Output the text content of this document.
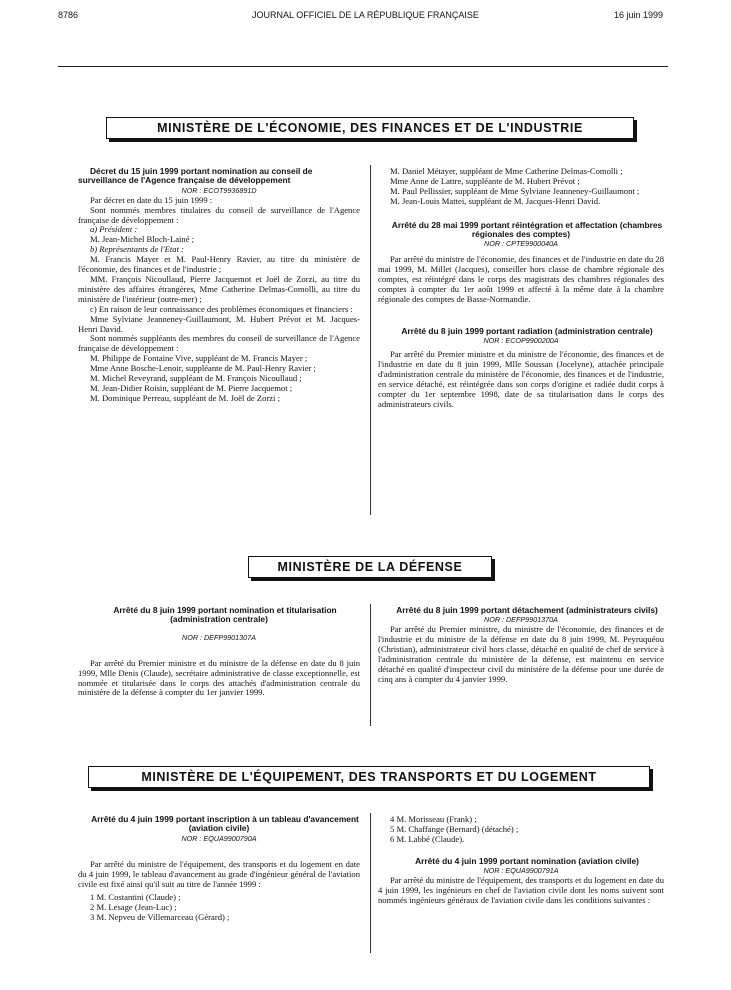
8786	JOURNAL OFFICIEL DE LA RÉPUBLIQUE FRANÇAISE	16 juin 1999
MINISTÈRE DE L'ÉCONOMIE, DES FINANCES ET DE L'INDUSTRIE

Décret du 15 juin 1999 portant nomination au conseil de surveillance de l'Agence française de développement

NOR : ECOT9936891D

Par décret en date du 15 juin 1999 :

Sont nommés membres titulaires du conseil de surveillance de l'Agence française de développement :

a) Président :

M. Jean-Michel Bloch-Lainé ;

b) Représentants de l'Etat :

M. Francis Mayer et M. Paul-Henry Ravier, au titre du ministère de l'économie, des finances et de l'industrie ;

MM. François Nicoullaud, Pierre Jacquemot et Joël de Zorzi, au titre du ministère des affaires étrangères, Mme Catherine Delmas-Comolli, au titre du ministère de l'intérieur (outre-mer) ;

c) En raison de leur connaissance des problèmes économiques et financiers :

Mme Sylviane Jeanneney-Guillaumont, M. Hubert Prévot et M. Jacques-Henri David.

Sont nommés suppléants des membres du conseil de surveillance de l'Agence française de développement :

M. Philippe de Fontaine Vive, suppléant de M. Francis Mayer ;

Mme Anne Bosche-Lenoir, suppléante de M. Paul-Henry Ravier ;

M. Michel Reveyrand, suppléant de M. François Nicoullaud ;

M. Jean-Didier Roisin, suppléant de M. Pierre Jacquemot ;

M. Dominique Perreau, suppléant de M. Joël de Zorzi ;

M. Daniel Métayer, suppléant de Mme Catherine Delmas-Comolli ;

Mme Anne de Lattre, suppléante de M. Hubert Prévot ;

M. Paul Pellissier, suppléant de Mme Sylviane Jeanneney-Guillaumont ;

M. Jean-Louis Mattei, suppléant de M. Jacques-Henri David.

Arrêté du 28 mai 1999 portant réintégration et affectation (chambres régionales des comptes)

NOR : CPTE9900040A

Par arrêté du ministre de l'économie, des finances et de l'industrie en date du 28 mai 1999, M. Millet (Jacques), conseiller hors classe de chambre régionale des comptes, est réintégré dans le corps des magistrats des chambres régionales des comptes à compter du 1er août 1999 et affecté à la même date à la chambre régionale des comptes de Basse-Normandie.

Arrêté du 8 juin 1999 portant radiation (administration centrale)

NOR : ECOP9900200A

Par arrêté du Premier ministre et du ministre de l'économie, des finances et de l'industrie en date du 8 juin 1999, Mlle Soussan (Jocelyne), attachée principale d'administration centrale du ministère de l'économie, des finances et de l'industrie, en service détaché, est réintégrée dans son corps d'origine et radiée dudit corps à compter du 1er septembre 1998, date de sa titularisation dans le corps des administrateurs civils.

MINISTÈRE DE LA DÉFENSE

Arrêté du 8 juin 1999 portant nomination et titularisation (administration centrale)

NOR : DEFP9901307A

Par arrêté du Premier ministre et du ministre de la défense en date du 8 juin 1999, Mlle Denis (Claude), secrétaire administrative de classe exceptionnelle, est nommée et titularisée dans le corps des attachés d'administration centrale du ministère de la défense à compter du 1er janvier 1999.

Arrêté du 8 juin 1999 portant détachement (administrateurs civils)

NOR : DEFP9901370A

Par arrêté du Premier ministre, du ministre de l'économie, des finances et de l'industrie et du ministre de la défense en date du 8 juin 1999, M. Peyruquéou (Christian), administrateur civil hors classe, détaché en qualité de chef de service à l'administration centrale du ministère de la défense, est maintenu en service détaché en qualité d'inspecteur civil du ministère de la défense pour une durée de cinq ans à compter du 4 janvier 1999.

MINISTÈRE DE L'ÉQUIPEMENT, DES TRANSPORTS ET DU LOGEMENT

Arrêté du 4 juin 1999 portant inscription à un tableau d'avancement (aviation civile)

NOR : EQUA9900790A

Par arrêté du ministre de l'équipement, des transports et du logement en date du 4 juin 1999, le tableau d'avancement au grade d'ingénieur général de l'aviation civile est fixé ainsi qu'il suit au titre de l'année 1999 :

1 M. Costantini (Claude) ;

2 M. Lesage (Jean-Luc) ;

3 M. Nepveu de Villemarceau (Gérard) ;

4 M. Morisseau (Frank) ;

5 M. Chaffange (Bernard) (détaché) ;

6 M. Labbé (Claude).

Arrêté du 4 juin 1999 portant nomination (aviation civile)

NOR : EQUA9900791A

Par arrêté du ministre de l'équipement, des transports et du logement en date du 4 juin 1999, les ingénieurs en chef de l'aviation civile dont les noms suivent sont nommés ingénieurs généraux de l'aviation civile dans les conditions suivantes :
